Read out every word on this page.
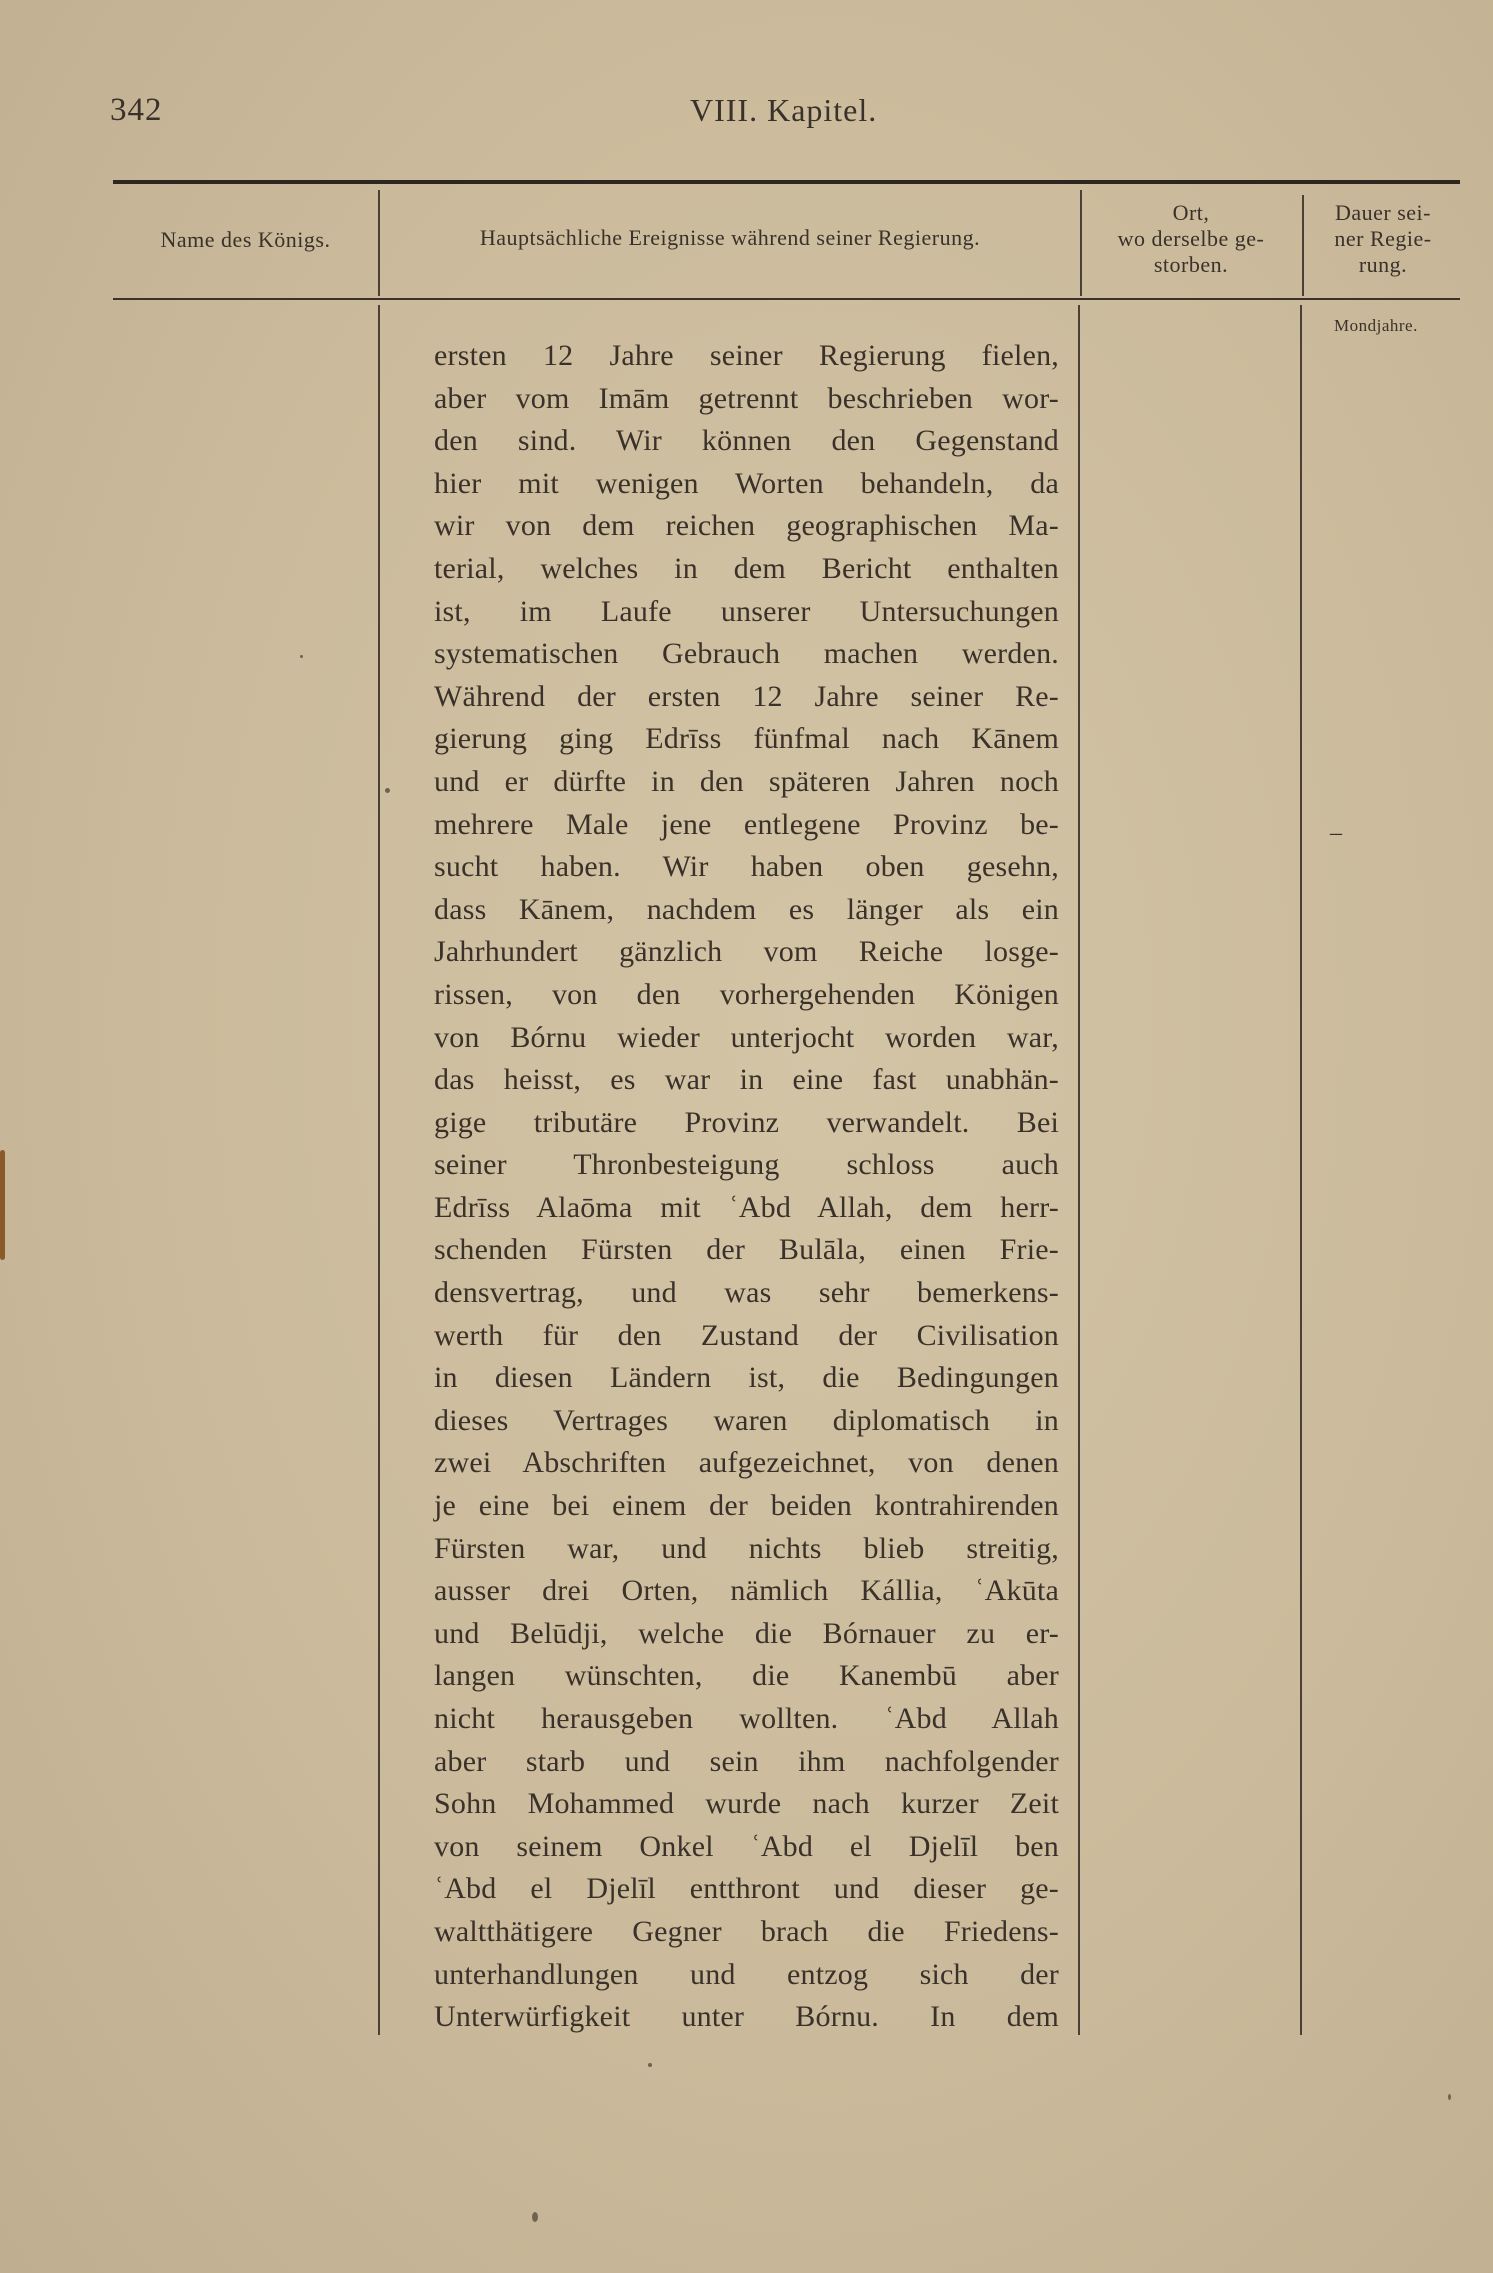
342	VIII. Kapitel.
Name des Königs.	Hauptsächliche Ereignisse während seiner Regierung.
Ort,
wo derselbe ge-
storben.
Dauer sei-
ner Regie-
rung.
Mondjahre.
–
ersten 12 Jahre seiner Regierung fielen,
aber vom Imām getrennt beschrieben wor-
den sind. Wir können den Gegenstand
hier mit wenigen Worten behandeln, da
wir von dem reichen geographischen Ma-
terial, welches in dem Bericht enthalten
ist, im Laufe unserer Untersuchungen
systematischen Gebrauch machen werden.
Während der ersten 12 Jahre seiner Re-
gierung ging Edrīss fünfmal nach Kānem
und er dürfte in den späteren Jahren noch
mehrere Male jene entlegene Provinz be-
sucht haben. Wir haben oben gesehn,
dass Kānem, nachdem es länger als ein
Jahrhundert gänzlich vom Reiche losge-
rissen, von den vorhergehenden Königen
von Bórnu wieder unterjocht worden war,
das heisst, es war in eine fast unabhän-
gige tributäre Provinz verwandelt. Bei
seiner Thronbesteigung schloss auch
Edrīss Alaōma mit ʿAbd Allah, dem herr-
schenden Fürsten der Bulāla, einen Frie-
densvertrag, und was sehr bemerkens-
werth für den Zustand der Civilisation
in diesen Ländern ist, die Bedingungen
dieses Vertrages waren diplomatisch in
zwei Abschriften aufgezeichnet, von denen
je eine bei einem der beiden kontrahirenden
Fürsten war, und nichts blieb streitig,
ausser drei Orten, nämlich Kállia, ʿAkūta
und Belūdji, welche die Bórnauer zu er-
langen wünschten, die Kanembū aber
nicht herausgeben wollten. ʿAbd Allah
aber starb und sein ihm nachfolgender
Sohn Mohammed wurde nach kurzer Zeit
von seinem Onkel ʿAbd el Djelīl ben
ʿAbd el Djelīl entthront und dieser ge-
waltthätigere Gegner brach die Friedens-
unterhandlungen und entzog sich der
Unterwürfigkeit unter Bórnu. In dem
